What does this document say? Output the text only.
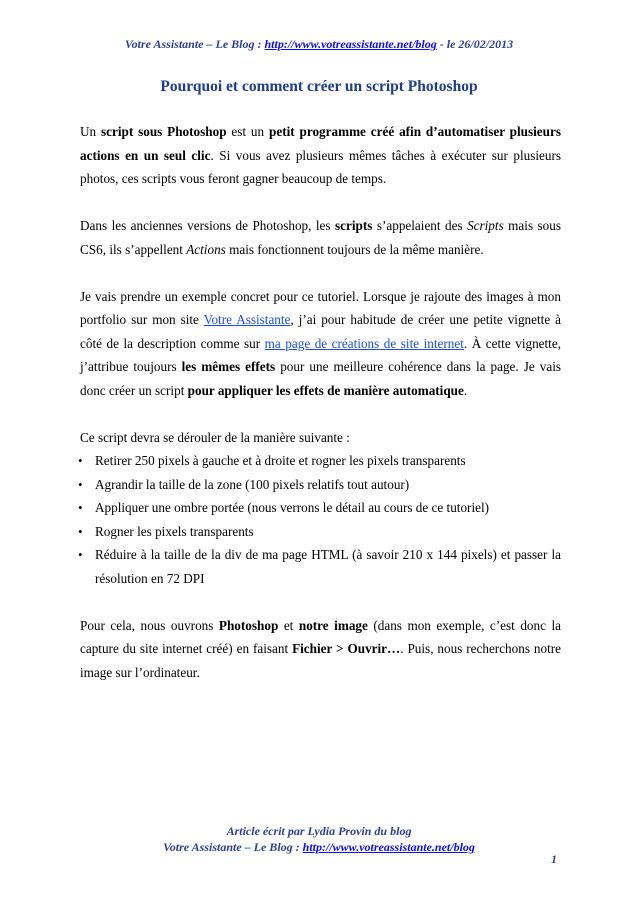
Votre Assistante – Le Blog : http://www.votreassistante.net/blog - le 26/02/2013
Pourquoi et comment créer un script Photoshop

Un script sous Photoshop est un petit programme créé afin d’automatiser plusieurs actions en un seul clic. Si vous avez plusieurs mêmes tâches à exécuter sur plusieurs photos, ces scripts vous feront gagner beaucoup de temps.

Dans les anciennes versions de Photoshop, les scripts s’appelaient des Scripts mais sous CS6, ils s’appellent Actions mais fonctionnent toujours de la même manière.

Je vais prendre un exemple concret pour ce tutoriel. Lorsque je rajoute des images à mon portfolio sur mon site Votre Assistante, j’ai pour habitude de créer une petite vignette à côté de la description comme sur ma page de créations de site internet. À cette vignette, j’attribue toujours les mêmes effets pour une meilleure cohérence dans la page. Je vais donc créer un script pour appliquer les effets de manière automatique.

Ce script devra se dérouler de la manière suivante :
• Retirer 250 pixels à gauche et à droite et rogner les pixels transparents
• Agrandir la taille de la zone (100 pixels relatifs tout autour)
• Appliquer une ombre portée (nous verrons le détail au cours de ce tutoriel)
• Rogner les pixels transparents
• Réduire à la taille de la div de ma page HTML (à savoir 210 x 144 pixels) et passer la résolution en 72 DPI

Pour cela, nous ouvrons Photoshop et notre image (dans mon exemple, c’est donc la capture du site internet créé) en faisant Fichier > Ouvrir…. Puis, nous recherchons notre image sur l’ordinateur.

Article écrit par Lydia Provin du blog
Votre Assistante – Le Blog : http://www.votreassistante.net/blog
1
